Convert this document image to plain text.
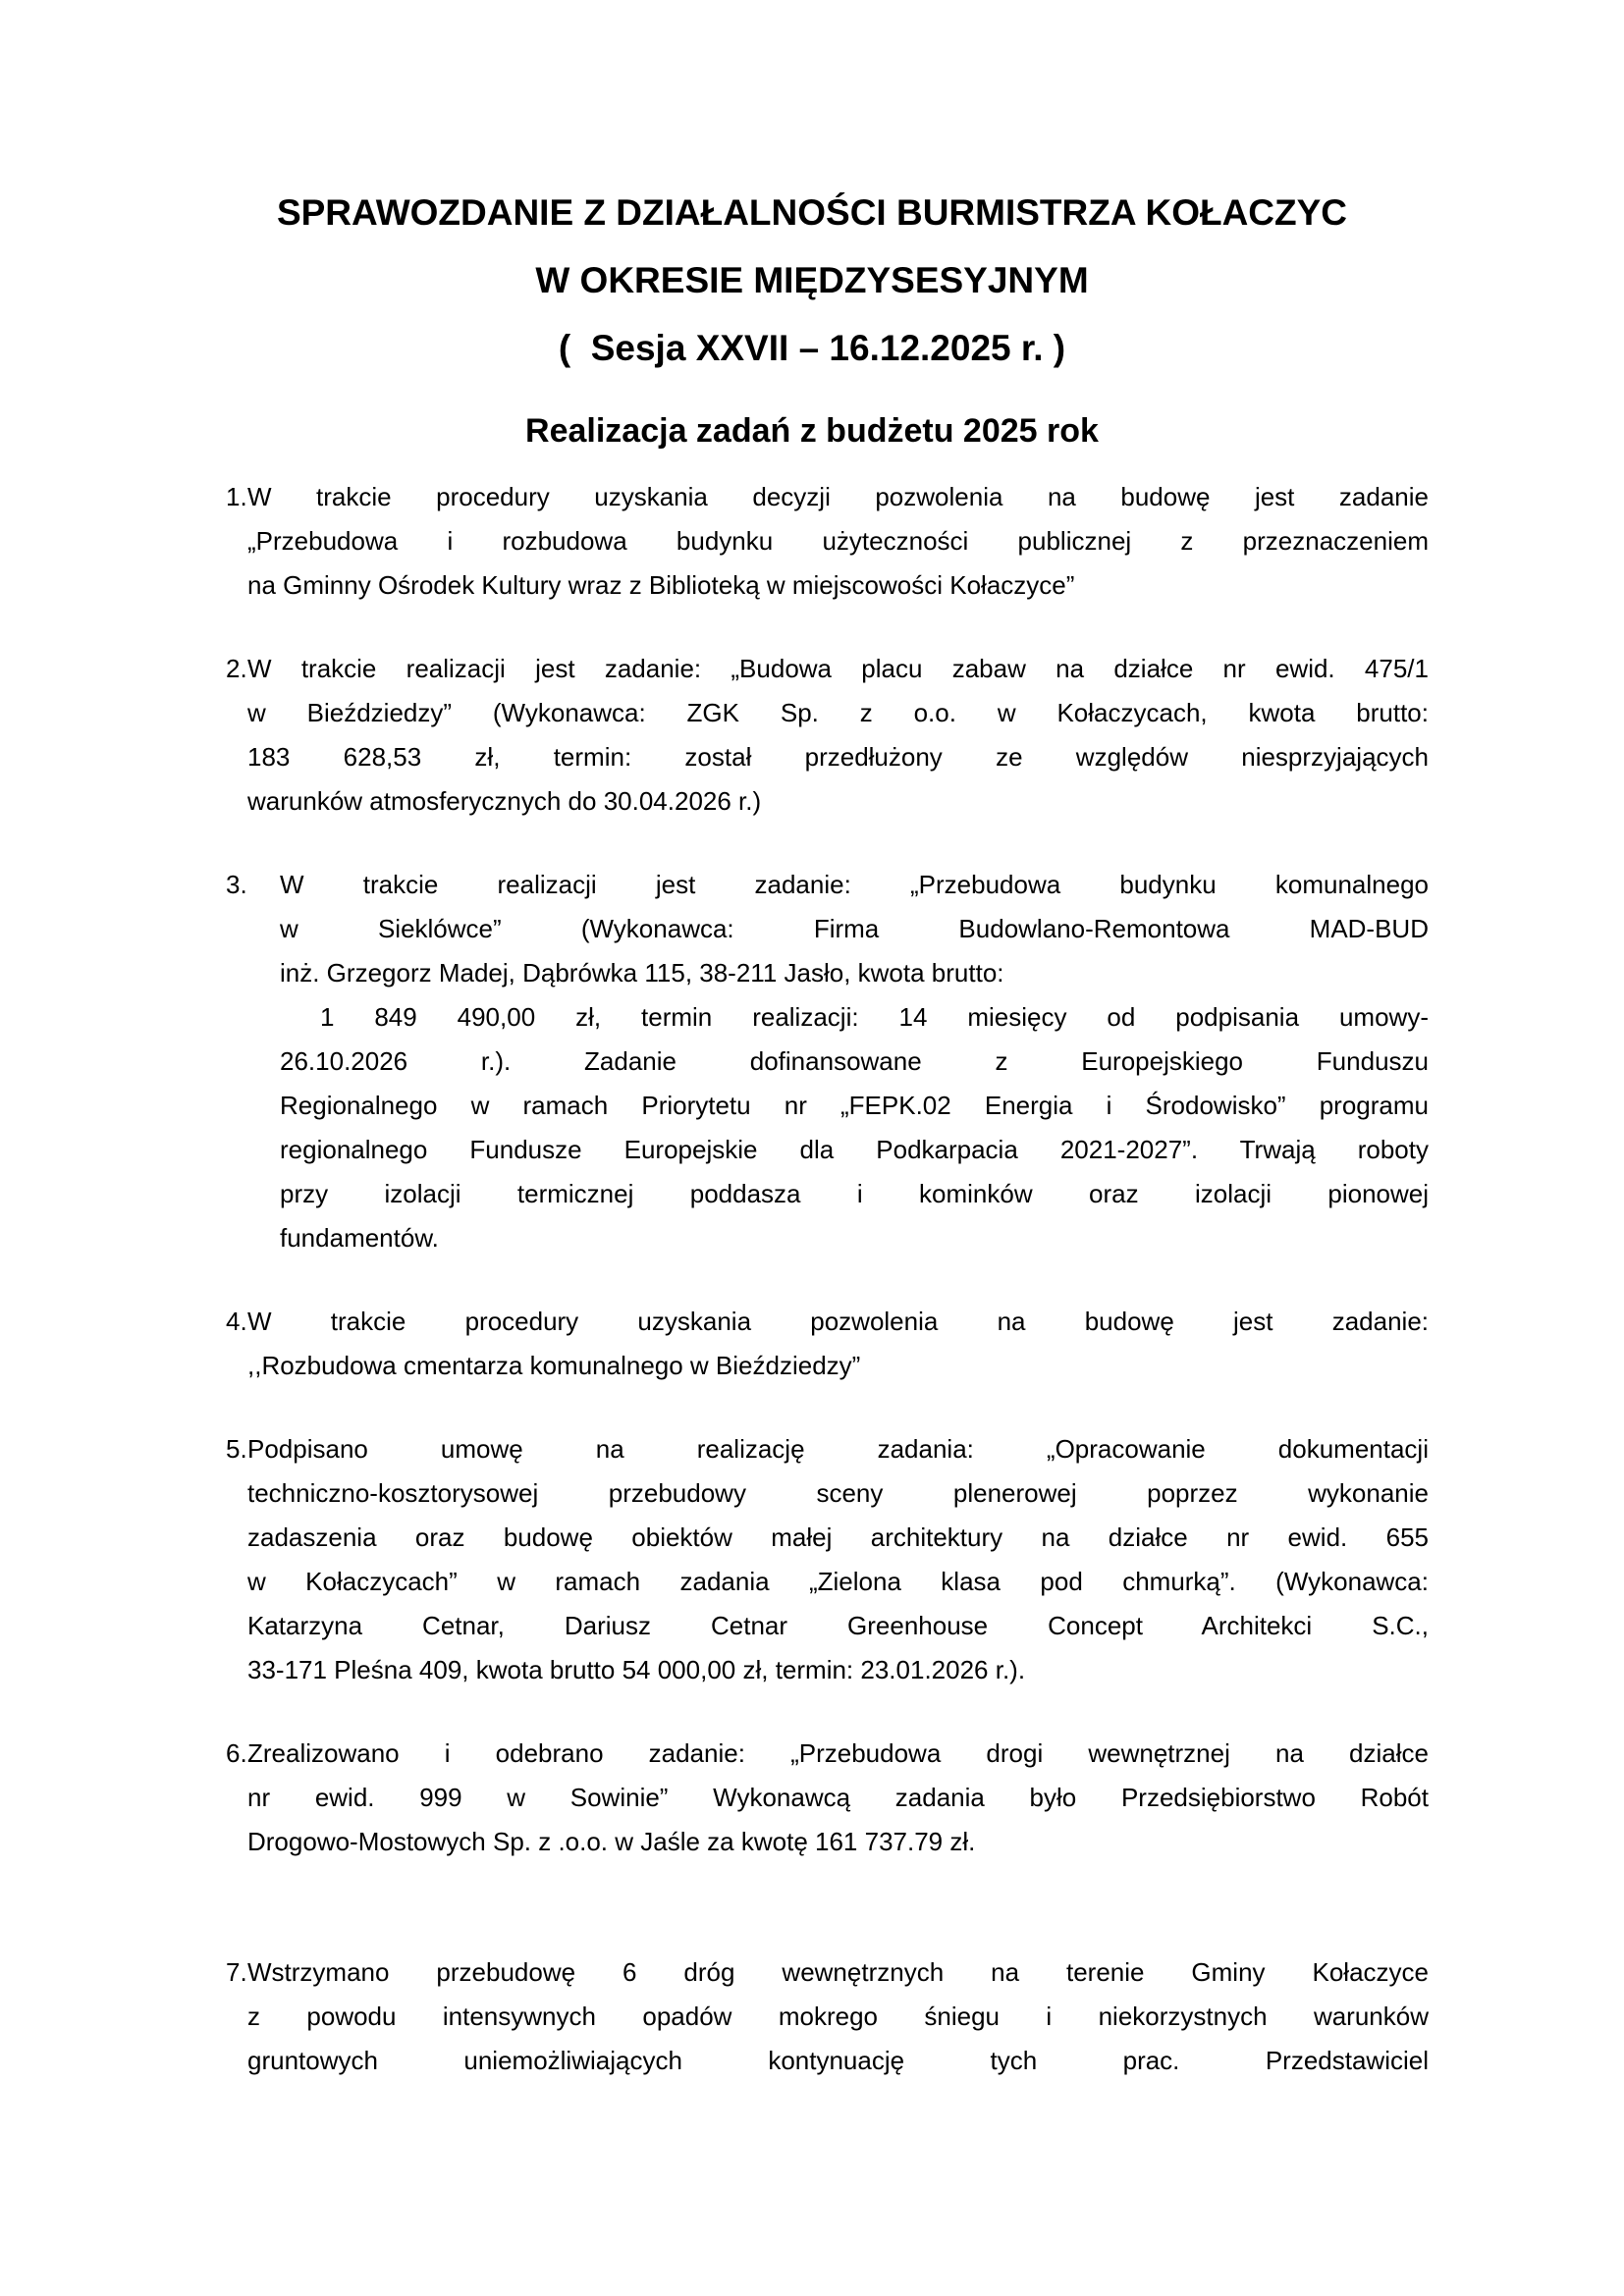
SPRAWOZDANIE Z DZIAŁALNOŚCI BURMISTRZA KOŁACZYC
W OKRESIE MIĘDZYSESYJNYM
(  Sesja XXVII – 16.12.2025 r. )
Realizacja zadań z budżetu 2025 rok
1. W trakcie procedury uzyskania decyzji pozwolenia na budowę jest zadanie
„Przebudowa i rozbudowa budynku użyteczności publicznej z przeznaczeniem
na Gminny Ośrodek Kultury wraz z Biblioteką w miejscowości Kołaczyce”
2. W trakcie realizacji jest zadanie: „Budowa placu zabaw na działce nr ewid. 475/1
w Bieździedzy” (Wykonawca: ZGK Sp. z o.o. w Kołaczycach, kwota brutto:
183 628,53 zł, termin: został przedłużony ze względów niesprzyjających
warunków atmosferycznych do 30.04.2026 r.)
3. W trakcie realizacji jest zadanie: „Przebudowa budynku komunalnego
w Sieklówce” (Wykonawca: Firma Budowlano-Remontowa MAD-BUD
inż. Grzegorz Madej, Dąbrówka 115, 38-211 Jasło, kwota brutto:
1 849 490,00 zł, termin realizacji: 14 miesięcy od podpisania umowy-
26.10.2026 r.). Zadanie dofinansowane z Europejskiego Funduszu
Regionalnego w ramach Priorytetu nr „FEPK.02 Energia i Środowisko” programu
regionalnego Fundusze Europejskie dla Podkarpacia 2021-2027”. Trwają roboty
przy izolacji termicznej poddasza i kominków oraz izolacji pionowej
fundamentów.
4. W trakcie procedury uzyskania pozwolenia na budowę jest zadanie:
,,Rozbudowa cmentarza komunalnego w Bieździedzy”
5. Podpisano umowę na realizację zadania: „Opracowanie dokumentacji
techniczno-kosztorysowej przebudowy sceny plenerowej poprzez wykonanie
zadaszenia oraz budowę obiektów małej architektury na działce nr ewid. 655
w Kołaczycach” w ramach zadania „Zielona klasa pod chmurką”. (Wykonawca:
Katarzyna Cetnar, Dariusz Cetnar Greenhouse Concept Architekci S.C.,
33-171 Pleśna 409, kwota brutto 54 000,00 zł, termin: 23.01.2026 r.).
6. Zrealizowano i odebrano zadanie: „Przebudowa drogi wewnętrznej na działce
nr ewid. 999 w Sowinie” Wykonawcą zadania było Przedsiębiorstwo Robót
Drogowo-Mostowych Sp. z .o.o. w Jaśle za kwotę 161 737.79 zł.
7. Wstrzymano przebudowę 6 dróg wewnętrznych na terenie Gminy Kołaczyce
z powodu intensywnych opadów mokrego śniegu i niekorzystnych warunków
gruntowych uniemożliwiających kontynuację tych prac. Przedstawiciel
